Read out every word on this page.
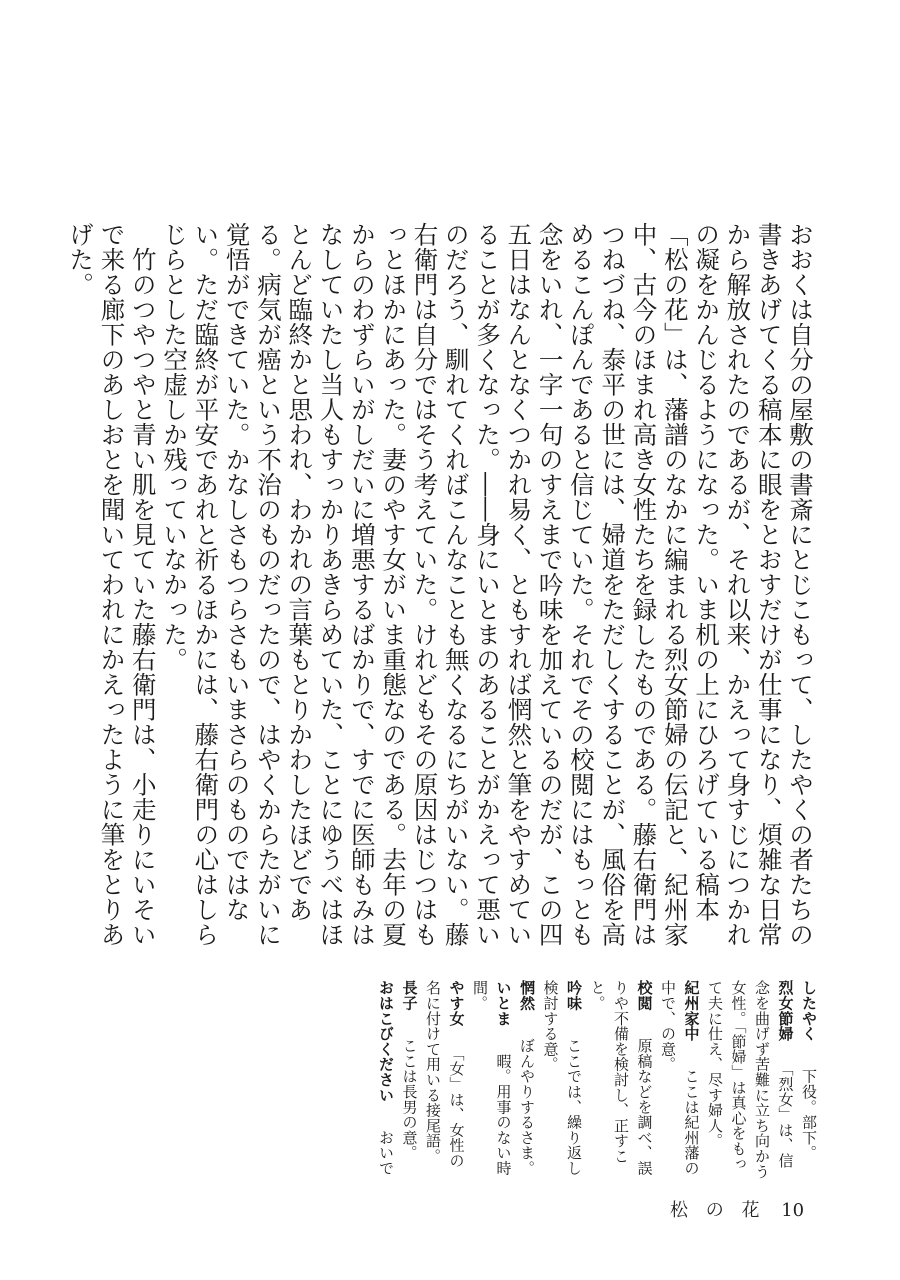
おおくは自分の屋敷の書斎にとじこもって、したやくの者たちの書きあげてくる稿本に眼をとおすだけが仕事になり、煩雑な日常から解放されたのであるが、それ以来、かえって身すじにつかれの凝をかんじるようになった。いま机の上にひろげている稿本「松の花」は、藩譜のなかに編まれる烈女節婦の伝記と、紀州家中、古今のほまれ高き女性たちを録したものである。藤右衛門はつねづね、泰平の世には、婦道をただしくすることが、風俗を高めるこんぽんであると信じていた。それでその校閲にはもっとも念をいれ、一字一句のすえまで吟味を加えているのだが、この四五日はなんとなくつかれ易く、ともすれば惘然と筆をやすめていることが多くなった。――身にいとまのあることがかえって悪いのだろう、馴れてくればこんなことも無くなるにちがいない。藤右衛門は自分ではそう考えていた。けれどもその原因はじつはもっとほかにあった。妻のやす女がいま重態なのである。去年の夏からのわずらいがしだいに増悪するばかりで、すでに医師もみはなしていたし当人もすっかりあきらめていた、ことにゆうべはほとんど臨終かと思われ、わかれの言葉もとりかわしたほどである。病気が癌という不治のものだったので、はやくからたがいに覚悟ができていた。かなしさもつらさもいまさらのものではない。ただ臨終が平安であれと祈るほかには、藤右衛門の心はしらじらとした空虚しか残っていなかった。

竹のつやつやと青い肌を見ていた藤右衛門は、小走りにいそいで来る廊下のあしおとを聞いてわれにかえったように筆をとりあげた。

したやく　下役。部下。

烈女節婦　「烈女」は、信念を曲げず苦難に立ち向かう女性。「節婦」は真心をもって夫に仕え、尽す婦人。

紀州家中　ここは紀州藩の中で、の意。

校閲　原稿などを調べ、誤りや不備を検討し、正すこと。

吟味　ここでは、繰り返し検討する意。

惘然　ぼんやりするさま。

いとま　暇。用事のない時間。

やす女　「女」は、女性の名に付けて用いる接尾語。

長子　ここは長男の意。

おはこびください　おいで

松 の 花 10
